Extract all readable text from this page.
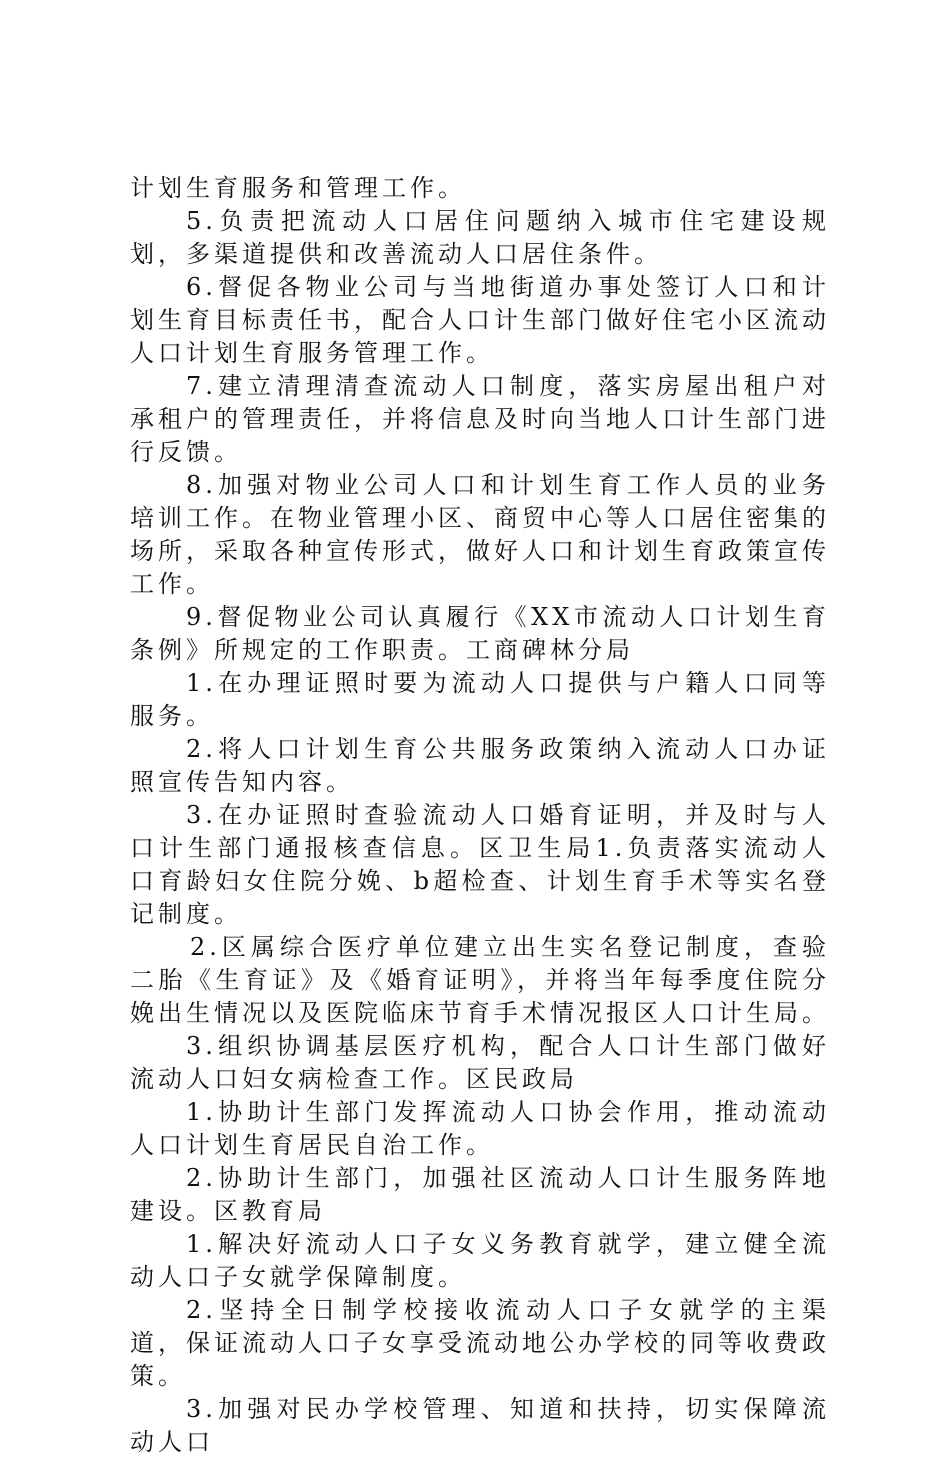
计划生育服务和管理工作。

5.负责把流动人口居住问题纳入城市住宅建设规划，多渠道提供和改善流动人口居住条件。

6.督促各物业公司与当地街道办事处签订人口和计划生育目标责任书，配合人口计生部门做好住宅小区流动人口计划生育服务管理工作。

7.建立清理清查流动人口制度，落实房屋出租户对承租户的管理责任，并将信息及时向当地人口计生部门进行反馈。

8.加强对物业公司人口和计划生育工作人员的业务培训工作。在物业管理小区、商贸中心等人口居住密集的场所，采取各种宣传形式，做好人口和计划生育政策宣传工作。

9.督促物业公司认真履行《XX市流动人口计划生育条例》所规定的工作职责。工商碑林分局

1.在办理证照时要为流动人口提供与户籍人口同等服务。

2.将人口计划生育公共服务政策纳入流动人口办证照宣传告知内容。

3.在办证照时查验流动人口婚育证明，并及时与人口计生部门通报核查信息。区卫生局1.负责落实流动人口育龄妇女住院分娩、b超检查、计划生育手术等实名登记制度。

2.区属综合医疗单位建立出生实名登记制度，查验二胎《生育证》及《婚育证明》，并将当年每季度住院分娩出生情况以及医院临床节育手术情况报区人口计生局。

3.组织协调基层医疗机构，配合人口计生部门做好流动人口妇女病检查工作。区民政局

1.协助计生部门发挥流动人口协会作用，推动流动人口计划生育居民自治工作。

2.协助计生部门，加强社区流动人口计生服务阵地建设。区教育局

1.解决好流动人口子女义务教育就学，建立健全流动人口子女就学保障制度。

2.坚持全日制学校接收流动人口子女就学的主渠道，保证流动人口子女享受流动地公办学校的同等收费政策。

3.加强对民办学校管理、知道和扶持，切实保障流动人口
